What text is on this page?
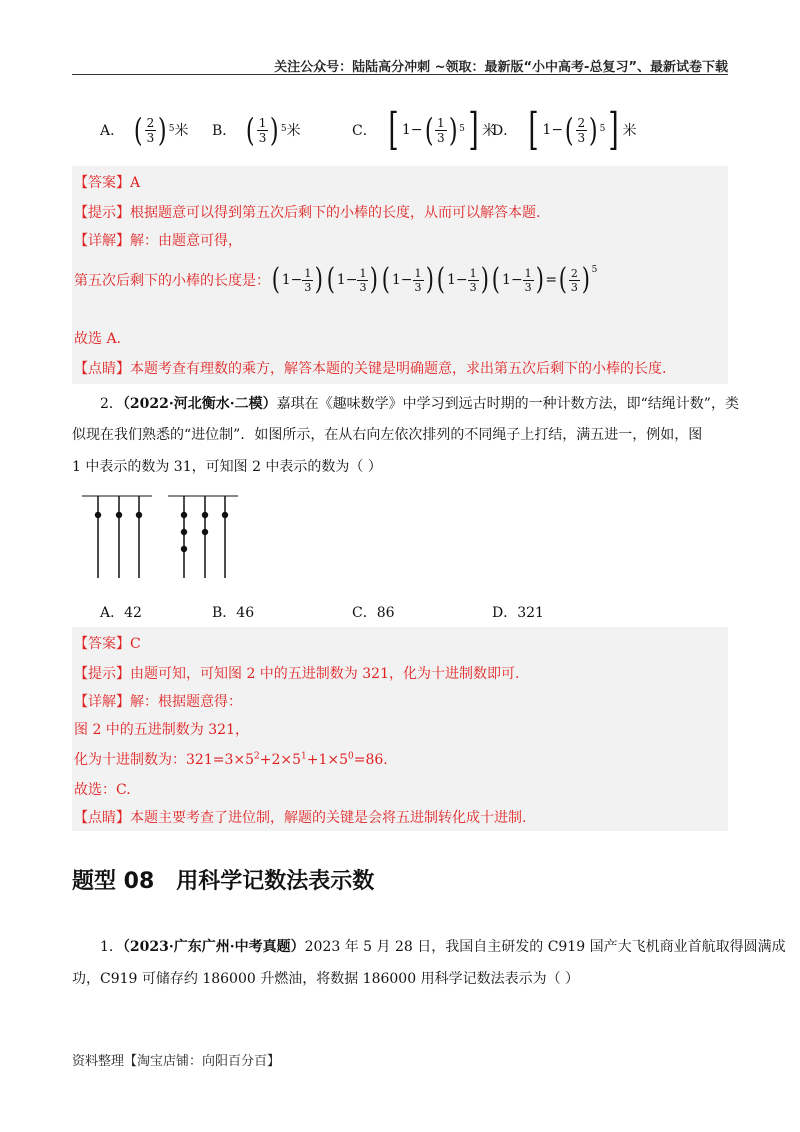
关注公众号：陆陆高分冲刺 ~领取：最新版“小中高考-总复习”、最新试卷下载
A． ( $\frac{2}{3}$ ) 5 米 B． ( $\frac{1}{3}$ ) 5 米	C． [ 1− ( $\frac{1}{3}$ ) 5 ] 米
D． [ 1− ( $\frac{2}{3}$ ) 5 ] 米
【答案】A
【提示】根据题意可以得到第五次后剩下的小棒的长度，从而可以解答本题.
【详解】解：由题意可得，
第五次后剩下的小棒的长度是： ( $1- \frac{1}{3}$ ) ( $1- \frac{1}{3}$ ) ( $1- \frac{1}{3}$ ) ( $1- \frac{1}{3}$ ) ( $1- \frac{1}{3}$ ) = ( $\frac{2}{3}$ ) 5
故选 A.
【点睛】本题考查有理数的乘方，解答本题的关键是明确题意，求出第五次后剩下的小棒的长度.
2．（2022·河北衡水·二模）嘉琪在《趣味数学》中学习到远古时期的一种计数方法，即“结绳计数”，类
似现在我们熟悉的“进位制”．如图所示，在从右向左依次排列的不同绳子上打结，满五进一，例如，图
1 中表示的数为 31，可知图 2 中表示的数为（ ）
A．42	B．46	C．86	D．321
【答案】C
【提示】由题可知，可知图 2 中的五进制数为 321，化为十进制数即可.
【详解】解：根据题意得：
图 2 中的五进制数为 321，
化为十进制数为：$321=3\times 5^2+2\times 5^1+1\times 5^0=86$.
故选：C.
【点睛】本题主要考查了进位制，解题的关键是会将五进制转化成十进制.
题型 08　用科学记数法表示数
1．（2023·广东广州·中考真题）2023 年 5 月 28 日，我国自主研发的 C919 国产大飞机商业首航取得圆满成
功，C919 可储存约 186000 升燃油，将数据 186000 用科学记数法表示为（ ）
资料整理【淘宝店铺：向阳百分百】
